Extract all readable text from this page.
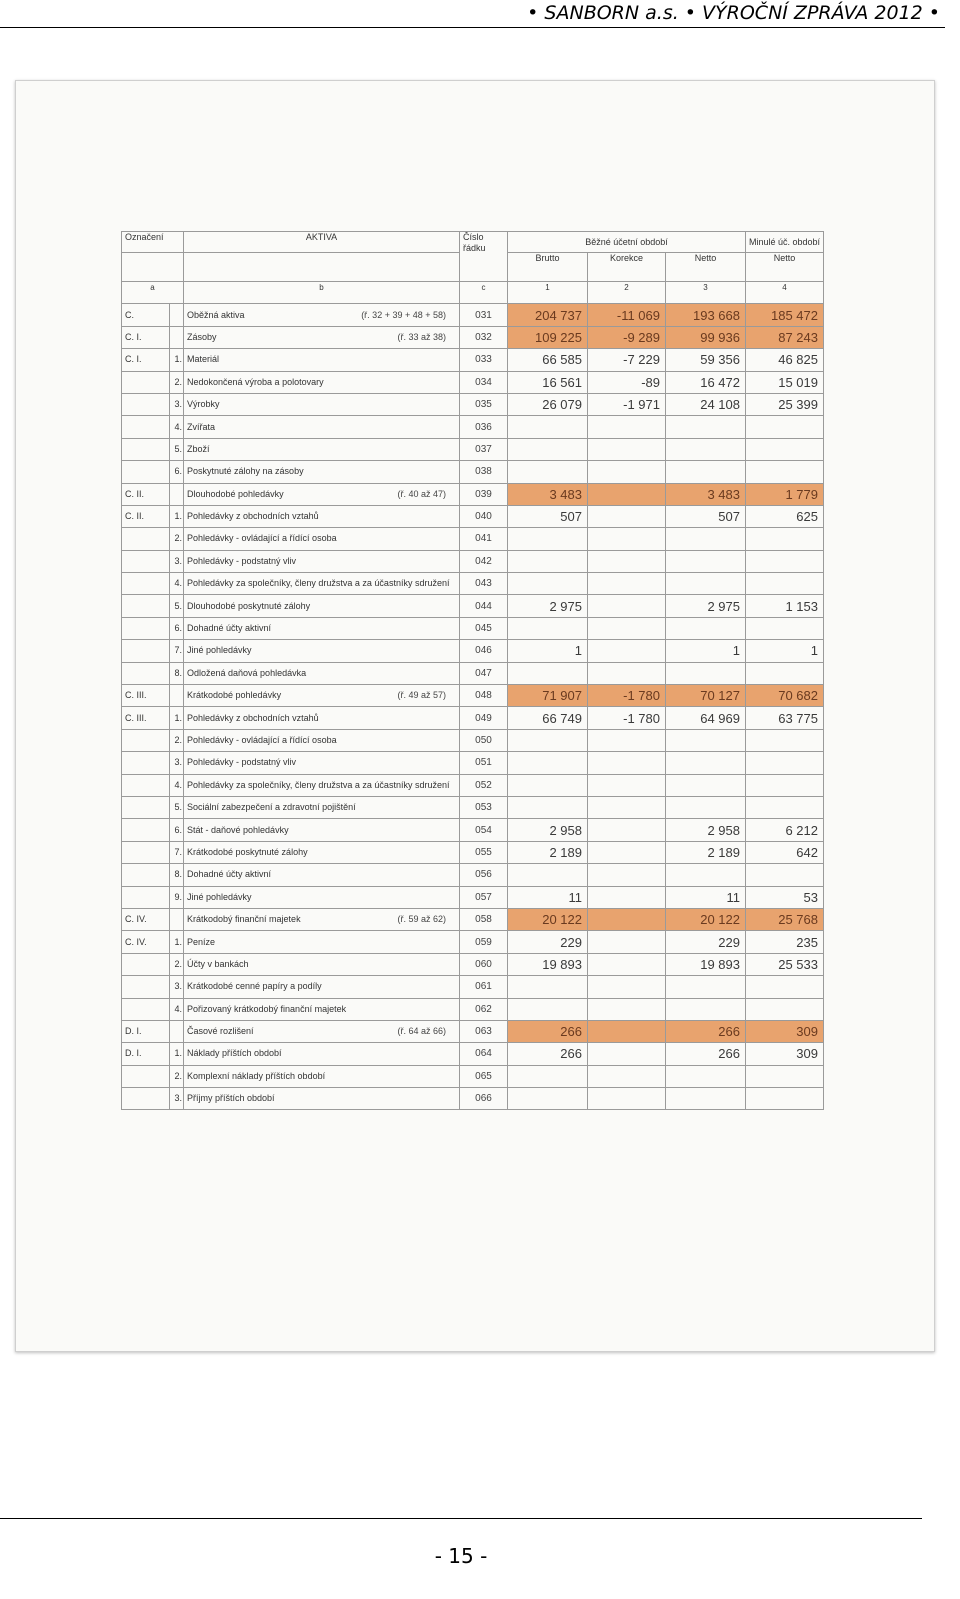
• SANBORN a.s. • VÝROČNÍ ZPRÁVA 2012 •
Označení		AKTIVA	Číslo řádku	Běžné účetní období			Minulé úč. období
				Brutto	Korekce	Netto	Netto
a		b	c	1	2	3	4
C.		Oběžná aktiva (ř. 32 + 39 + 48 + 58)	031	204 737	-11 069	193 668	185 472
C. I.		Zásoby (ř. 33 až 38)	032	109 225	-9 289	99 936	87 243
C. I.	1.	Materiál	033	66 585	-7 229	59 356	46 825
	2.	Nedokončená výroba a polotovary	034	16 561	-89	16 472	15 019
	3.	Výrobky	035	26 079	-1 971	24 108	25 399
	4.	Zvířata	036				
	5.	Zboží	037				
	6.	Poskytnuté zálohy na zásoby	038				
C. II.		Dlouhodobé pohledávky (ř. 40 až 47)	039	3 483		3 483	1 779
C. II.	1.	Pohledávky z obchodních vztahů	040	507		507	625
	2.	Pohledávky - ovládající a řídící osoba	041				
	3.	Pohledávky - podstatný vliv	042				
	4.	Pohledávky za společníky, členy družstva a za účastníky sdružení	043				
	5.	Dlouhodobé poskytnuté zálohy	044	2 975		2 975	1 153
	6.	Dohadné účty aktivní	045				
	7.	Jiné pohledávky	046	1		1	1
	8.	Odložená daňová pohledávka	047				
C. III.		Krátkodobé pohledávky (ř. 49 až 57)	048	71 907	-1 780	70 127	70 682
C. III.	1.	Pohledávky z obchodních vztahů	049	66 749	-1 780	64 969	63 775
	2.	Pohledávky - ovládající a řídící osoba	050				
	3.	Pohledávky - podstatný vliv	051				
	4.	Pohledávky za společníky, členy družstva a za účastníky sdružení	052				
	5.	Sociální zabezpečení a zdravotní pojištění	053				
	6.	Stát - daňové pohledávky	054	2 958		2 958	6 212
	7.	Krátkodobé poskytnuté zálohy	055	2 189		2 189	642
	8.	Dohadné účty aktivní	056				
	9.	Jiné pohledávky	057	11		11	53
C. IV.		Krátkodobý finanční majetek (ř. 59 až 62)	058	20 122		20 122	25 768
C. IV.	1.	Peníze	059	229		229	235
	2.	Účty v bankách	060	19 893		19 893	25 533
	3.	Krátkodobé cenné papíry a podíly	061				
	4.	Pořizovaný krátkodobý finanční majetek	062				
D. I.		Časové rozlišení (ř. 64 až 66)	063	266		266	309
D. I.	1.	Náklady příštích období	064	266		266	309
	2.	Komplexní náklady příštích období	065				
	3.	Příjmy příštích období	066				
- 15 -
